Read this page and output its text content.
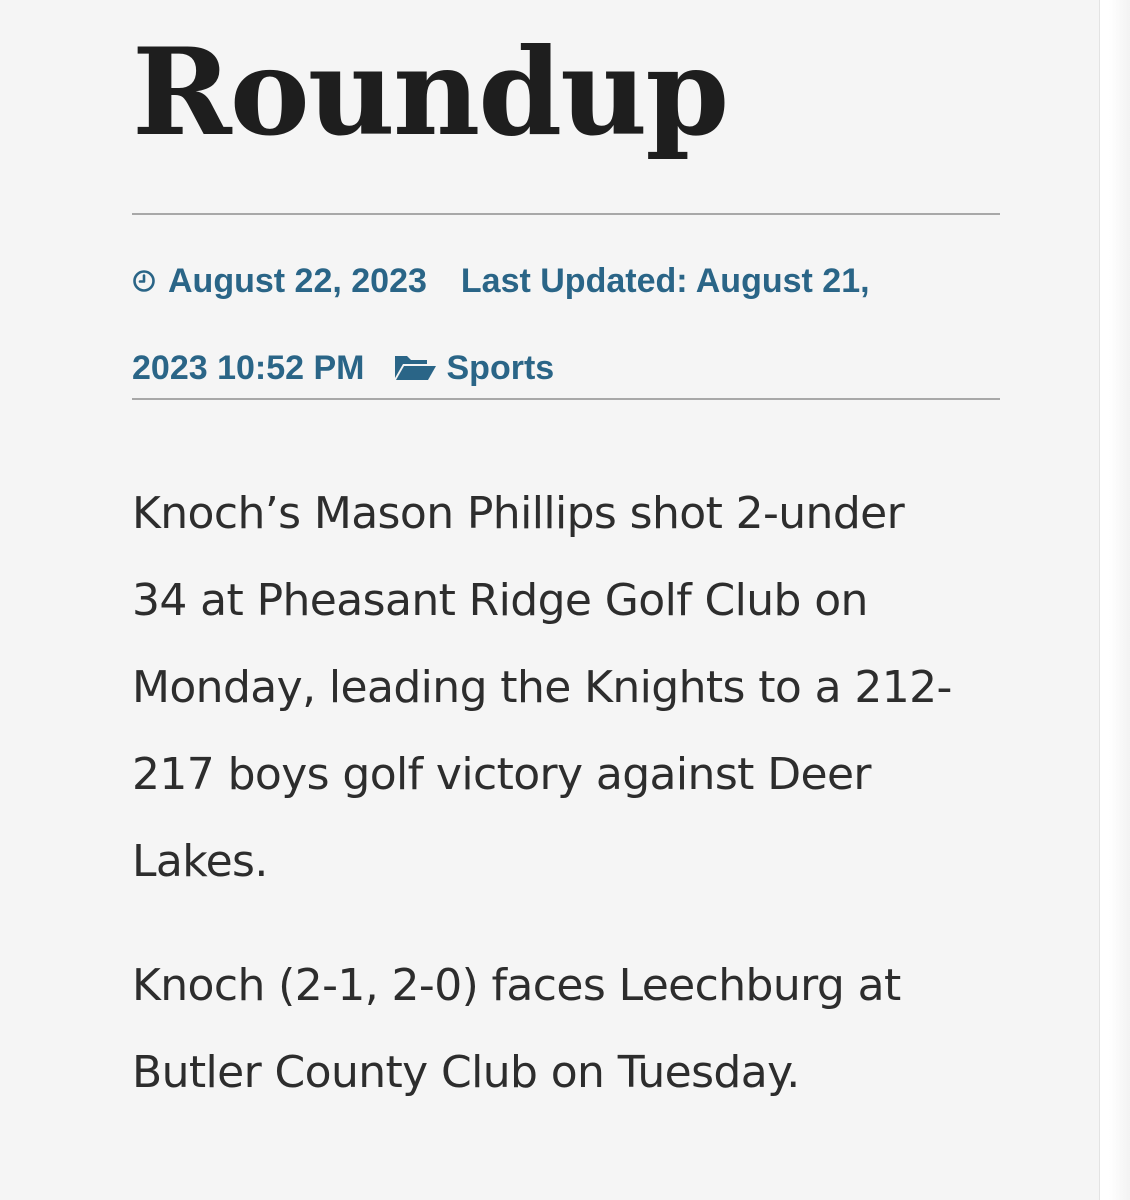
Roundup
August 22, 2023 Last Updated: August 21,
2023 10:52 PM Sports

Knoch’s Mason Phillips shot 2-under
34 at Pheasant Ridge Golf Club on
Monday, leading the Knights to a 212-
217 boys golf victory against Deer
Lakes.

Knoch (2-1, 2-0) faces Leechburg at
Butler County Club on Tuesday.
